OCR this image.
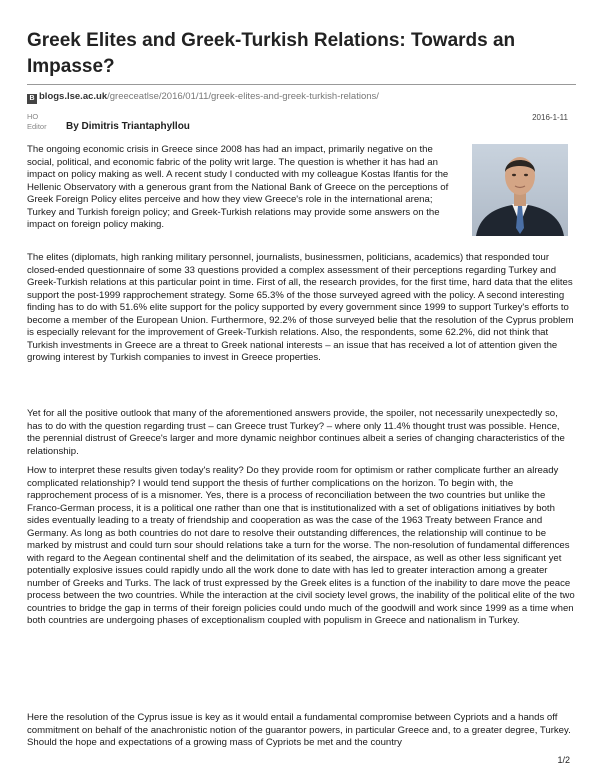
Greek Elites and Greek-Turkish Relations: Towards an Impasse?
B blogs.lse.ac.uk/greeceatlse/2016/01/11/greek-elites-and-greek-turkish-relations/
HO
Editor By Dimitris Triantaphyllou
2016-1-11

The ongoing economic crisis in Greece since 2008 has had an impact, primarily negative on the social, political, and economic fabric of the polity writ large. The question is whether it has had an impact on policy making as well. A recent study I conducted with my colleague Kostas Ifantis for the Hellenic Observatory with a generous grant from the National Bank of Greece on the perceptions of Greek Foreign Policy elites perceive and how they view Greece's role in the international arena; Turkey and Turkish foreign policy; and Greek-Turkish relations may provide some answers on the impact on foreign policy making.

The elites (diplomats, high ranking military personnel, journalists, businessmen, politicians, academics) that responded tour closed-ended questionnaire of some 33 questions provided a complex assessment of their perceptions regarding Turkey and Greek-Turkish relations at this particular point in time. First of all, the research provides, for the first time, hard data that the elites support the post-1999 rapprochement strategy. Some 65.3% of the those surveyed agreed with the policy. A second interesting finding has to do with 51.6% elite support for the policy supported by every government since 1999 to support Turkey's efforts to become a member of the European Union. Furthermore, 92.2% of those surveyed belie that the resolution of the Cyprus problem is especially relevant for the improvement of Greek-Turkish relations. Also, the respondents, some 62.2%, did not think that Turkish investments in Greece are a threat to Greek national interests – an issue that has received a lot of attention given the growing interest by Turkish companies to invest in Greece properties.

Yet for all the positive outlook that many of the aforementioned answers provide, the spoiler, not necessarily unexpectedly so, has to do with the question regarding trust – can Greece trust Turkey? – where only 11.4% thought trust was possible. Hence, the perennial distrust of Greece's larger and more dynamic neighbor continues albeit a series of changing characteristics of the relationship.

How to interpret these results given today's reality? Do they provide room for optimism or rather complicate further an already complicated relationship? I would tend support the thesis of further complications on the horizon. To begin with, the rapprochement process of is a misnomer. Yes, there is a process of reconciliation between the two countries but unlike the Franco-German process, it is a political one rather than one that is institutionalized with a set of obligations initiatives by both sides eventually leading to a treaty of friendship and cooperation as was the case of the 1963 Treaty between France and Germany. As long as both countries do not dare to resolve their outstanding differences, the relationship will continue to be marked by mistrust and could turn sour should relations take a turn for the worse. The non-resolution of fundamental differences with regard to the Aegean continental shelf and the delimitation of its seabed, the airspace, as well as other less significant yet potentially explosive issues could rapidly undo all the work done to date with has led to greater interaction among a greater number of Greeks and Turks. The lack of trust expressed by the Greek elites is a function of the inability to dare move the peace process between the two countries. While the interaction at the civil society level grows, the inability of the political elite of the two countries to bridge the gap in terms of their foreign policies could undo much of the goodwill and work since 1999 as a time when both countries are undergoing phases of exceptionalism coupled with populism in Greece and nationalism in Turkey.

Here the resolution of the Cyprus issue is key as it would entail a fundamental compromise between Cypriots and a hands off commitment on behalf of the anachronistic notion of the guarantor powers, in particular Greece and, to a greater degree, Turkey. Should the hope and expectations of a growing mass of Cypriots be met and the country

1/2
